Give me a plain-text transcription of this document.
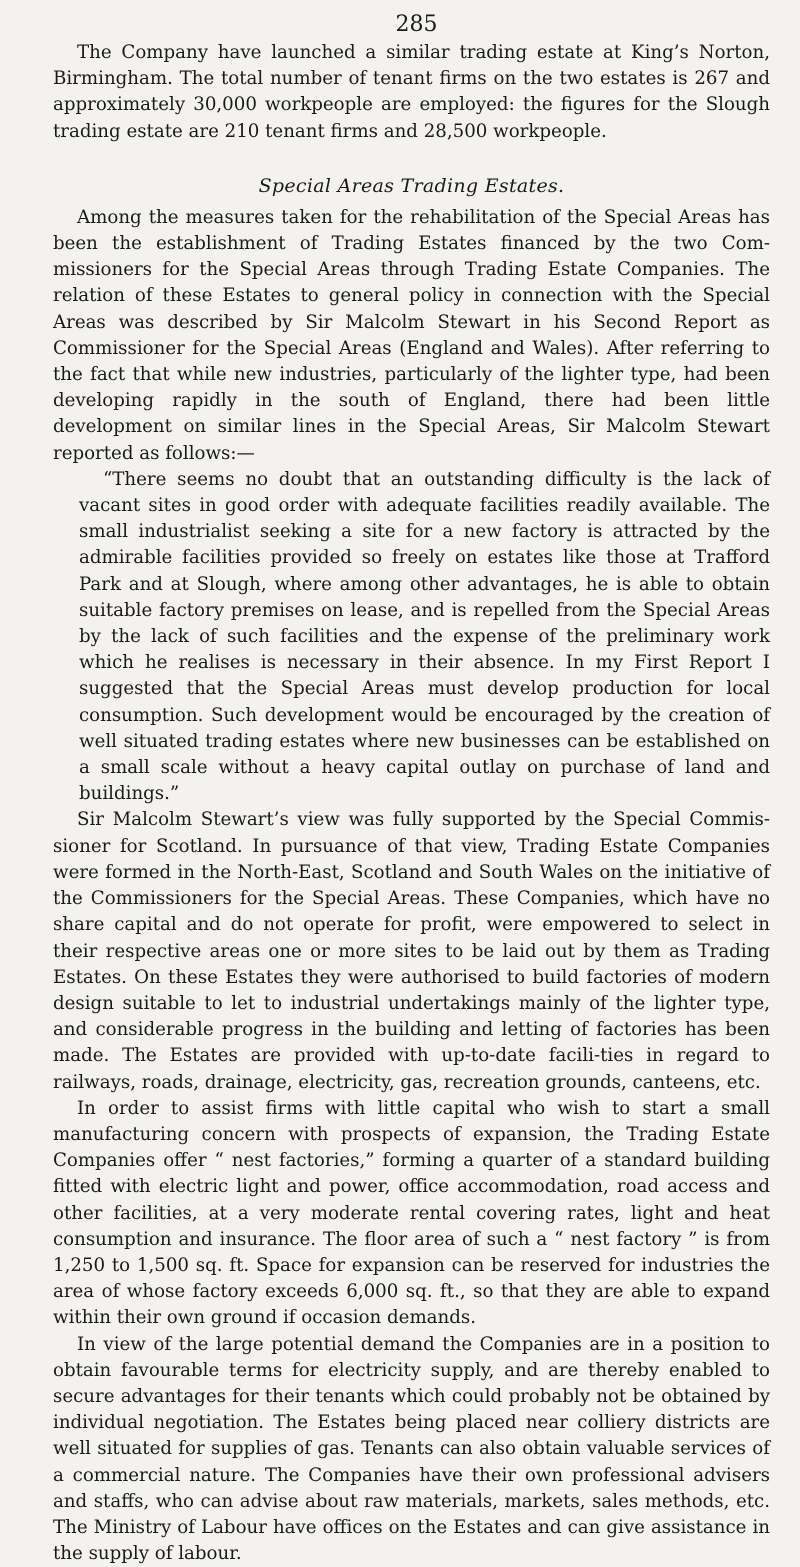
285

The Company have launched a similar trading estate at King’s Norton, Birmingham. The total number of tenant firms on the two estates is 267 and approximately 30,000 workpeople are employed: the figures for the Slough trading estate are 210 tenant firms and 28,500 workpeople.

Special Areas Trading Estates.

Among the measures taken for the rehabilitation of the Special Areas has been the establishment of Trading Estates financed by the two Com-missioners for the Special Areas through Trading Estate Companies. The relation of these Estates to general policy in connection with the Special Areas was described by Sir Malcolm Stewart in his Second Report as Commissioner for the Special Areas (England and Wales). After referring to the fact that while new industries, particularly of the lighter type, had been developing rapidly in the south of England, there had been little development on similar lines in the Special Areas, Sir Malcolm Stewart reported as follows:—

“There seems no doubt that an outstanding difficulty is the lack of vacant sites in good order with adequate facilities readily available. The small industrialist seeking a site for a new factory is attracted by the admirable facilities provided so freely on estates like those at Trafford Park and at Slough, where among other advantages, he is able to obtain suitable factory premises on lease, and is repelled from the Special Areas by the lack of such facilities and the expense of the preliminary work which he realises is necessary in their absence. In my First Report I suggested that the Special Areas must develop production for local consumption. Such development would be encouraged by the creation of well situated trading estates where new businesses can be established on a small scale without a heavy capital outlay on purchase of land and buildings.”

Sir Malcolm Stewart’s view was fully supported by the Special Commis-sioner for Scotland. In pursuance of that view, Trading Estate Companies were formed in the North-East, Scotland and South Wales on the initiative of the Commissioners for the Special Areas. These Companies, which have no share capital and do not operate for profit, were empowered to select in their respective areas one or more sites to be laid out by them as Trading Estates. On these Estates they were authorised to build factories of modern design suitable to let to industrial undertakings mainly of the lighter type, and considerable progress in the building and letting of factories has been made. The Estates are provided with up-to-date facili-ties in regard to railways, roads, drainage, electricity, gas, recreation grounds, canteens, etc.

In order to assist firms with little capital who wish to start a small manufacturing concern with prospects of expansion, the Trading Estate Companies offer “ nest factories,” forming a quarter of a standard building fitted with electric light and power, office accommodation, road access and other facilities, at a very moderate rental covering rates, light and heat consumption and insurance. The floor area of such a “ nest factory ” is from 1,250 to 1,500 sq. ft. Space for expansion can be reserved for industries the area of whose factory exceeds 6,000 sq. ft., so that they are able to expand within their own ground if occasion demands.

In view of the large potential demand the Companies are in a position to obtain favourable terms for electricity supply, and are thereby enabled to secure advantages for their tenants which could probably not be obtained by individual negotiation. The Estates being placed near colliery districts are well situated for supplies of gas. Tenants can also obtain valuable services of a commercial nature. The Companies have their own professional advisers and staffs, who can advise about raw materials, markets, sales methods, etc. The Ministry of Labour have offices on the Estates and can give assistance in the supply of labour.
